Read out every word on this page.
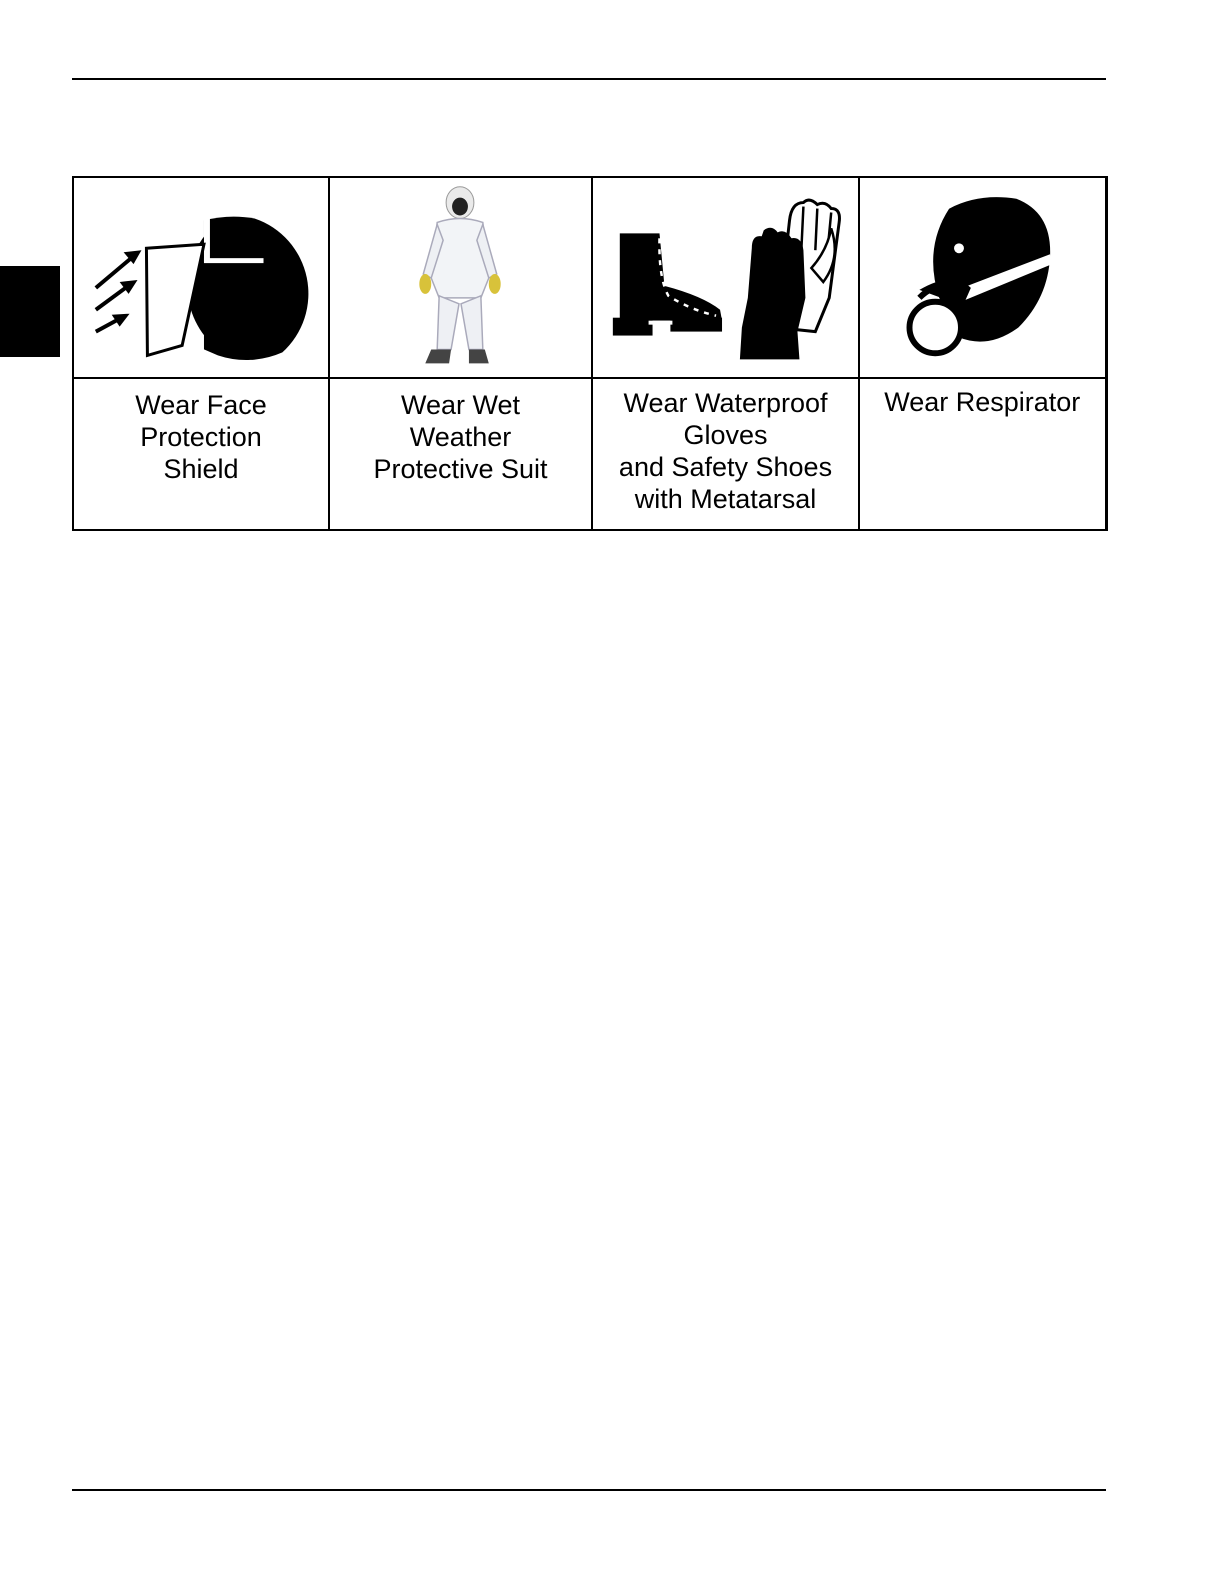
Wear Face
Protection
Shield	Wear Wet
Weather
Protective Suit	Wear Waterproof
Gloves
and Safety Shoes
with Metatarsal	Wear Respirator
